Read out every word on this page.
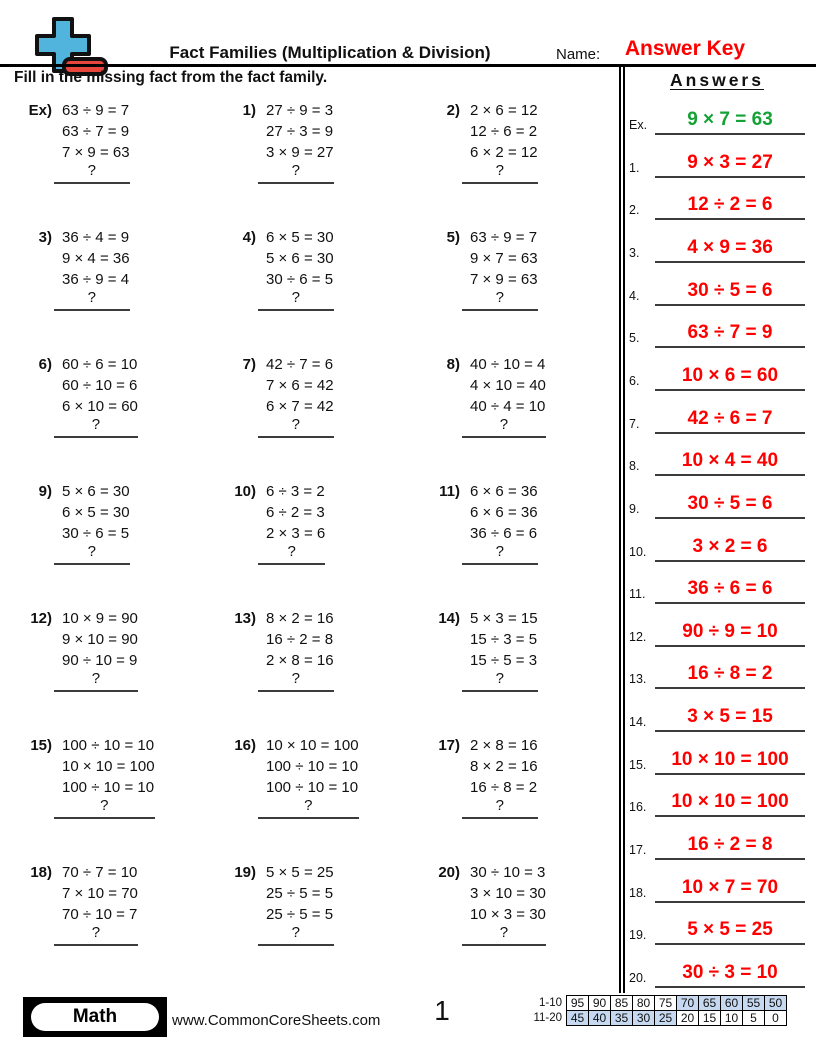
Fact Families (Multiplication & Division)	Name:	Answer Key
Fill in the missing fact from the fact family.
Ex) 63 ÷ 9 = 7
63 ÷ 7 = 9
7 × 9 = 63
?
1) 27 ÷ 9 = 3
27 ÷ 3 = 9
3 × 9 = 27
?
2) 2 × 6 = 12
12 ÷ 6 = 2
6 × 2 = 12
?
3) 36 ÷ 4 = 9
9 × 4 = 36
36 ÷ 9 = 4
?
4) 6 × 5 = 30
5 × 6 = 30
30 ÷ 6 = 5
?
5) 63 ÷ 9 = 7
9 × 7 = 63
7 × 9 = 63
?
6) 60 ÷ 6 = 10
60 ÷ 10 = 6
6 × 10 = 60
?
7) 42 ÷ 7 = 6
7 × 6 = 42
6 × 7 = 42
?
8) 40 ÷ 10 = 4
4 × 10 = 40
40 ÷ 4 = 10
?
9) 5 × 6 = 30
6 × 5 = 30
30 ÷ 6 = 5
?
10) 6 ÷ 3 = 2
6 ÷ 2 = 3
2 × 3 = 6
?
11) 6 × 6 = 36
6 × 6 = 36
36 ÷ 6 = 6
?
12) 10 × 9 = 90
9 × 10 = 90
90 ÷ 10 = 9
?
13) 8 × 2 = 16
16 ÷ 2 = 8
2 × 8 = 16
?
14) 5 × 3 = 15
15 ÷ 3 = 5
15 ÷ 5 = 3
?
15) 100 ÷ 10 = 10
10 × 10 = 100
100 ÷ 10 = 10
?
16) 10 × 10 = 100
100 ÷ 10 = 10
100 ÷ 10 = 10
?
17) 2 × 8 = 16
8 × 2 = 16
16 ÷ 8 = 2
?
18) 70 ÷ 7 = 10
7 × 10 = 70
70 ÷ 10 = 7
?
19) 5 × 5 = 25
25 ÷ 5 = 5
25 ÷ 5 = 5
?
20) 30 ÷ 10 = 3
3 × 10 = 30
10 × 3 = 30
?
Answers
Ex.	9 × 7 = 63
1.	9 × 3 = 27
2.	12 ÷ 2 = 6
3.	4 × 9 = 36
4.	30 ÷ 5 = 6
5.	63 ÷ 7 = 9
6.	10 × 6 = 60
7.	42 ÷ 6 = 7
8.	10 × 4 = 40
9.	30 ÷ 5 = 6
10.	3 × 2 = 6
11.	36 ÷ 6 = 6
12.	90 ÷ 9 = 10
13.	16 ÷ 8 = 2
14.	3 × 5 = 15
15.	10 × 10 = 100
16.	10 × 10 = 100
17.	16 ÷ 2 = 8
18.	10 × 7 = 70
19.	5 × 5 = 25
20.	30 ÷ 3 = 10
Math	www.CommonCoreSheets.com	1	1-10	95	90	85	80	75	70	65	60	55	50
11-20	45	40	35	30	25	20	15	10	5	0
